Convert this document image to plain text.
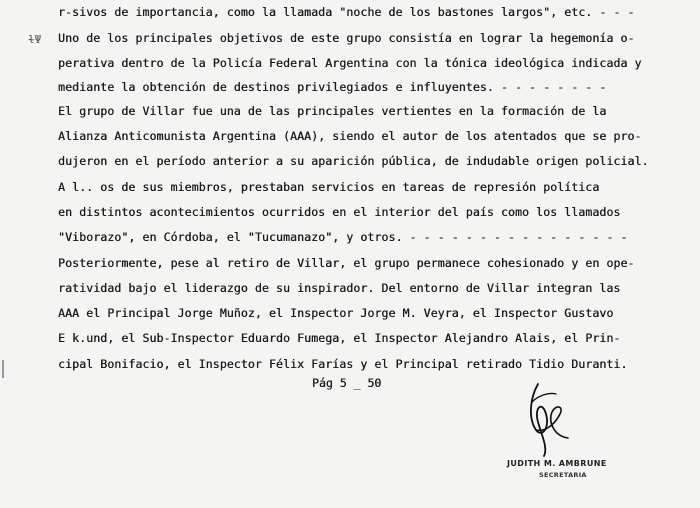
ɫΨ
r-sivos de importancia, como la llamada "noche de los bastones largos", etc. - - -
Uno de los principales objetivos de este grupo consistía en lograr la hegemonía o-
perativa dentro de la Policía Federal Argentina con la tónica ideológica indicada y
mediante la obtención de destinos privilegiados e influyentes. - - - - - - - -
El grupo de Villar fue una de las principales vertientes en la formación de la
Alianza Anticomunista Argentina (AAA), siendo el autor de los atentados que se pro-
dujeron en el período anterior a su aparición pública, de indudable origen policial.
A l.. os de sus miembros, prestaban servicios en tareas de represión política
en distintos acontecimientos ocurridos en el interior del país como los llamados
"Viborazo", en Córdoba, el "Tucumanazo", y otros. - - - - - - - - - - - - - - - -
Posteriormente, pese al retiro de Villar, el grupo permanece cohesionado y en ope-
ratividad bajo el liderazgo de su inspirador. Del entorno de Villar integran las
AAA el Principal Jorge Muñoz, el Inspector Jorge M. Veyra, el Inspector Gustavo
E k.und, el Sub-Inspector Eduardo Fumega, el Inspector Alejandro Alais, el Prin-
cipal Bonifacio, el Inspector Félix Farías y el Principal retirado Tidio Duranti.
Pág 5 _ 50
JUDITH M. AMBRUNE
SECRETARIA
